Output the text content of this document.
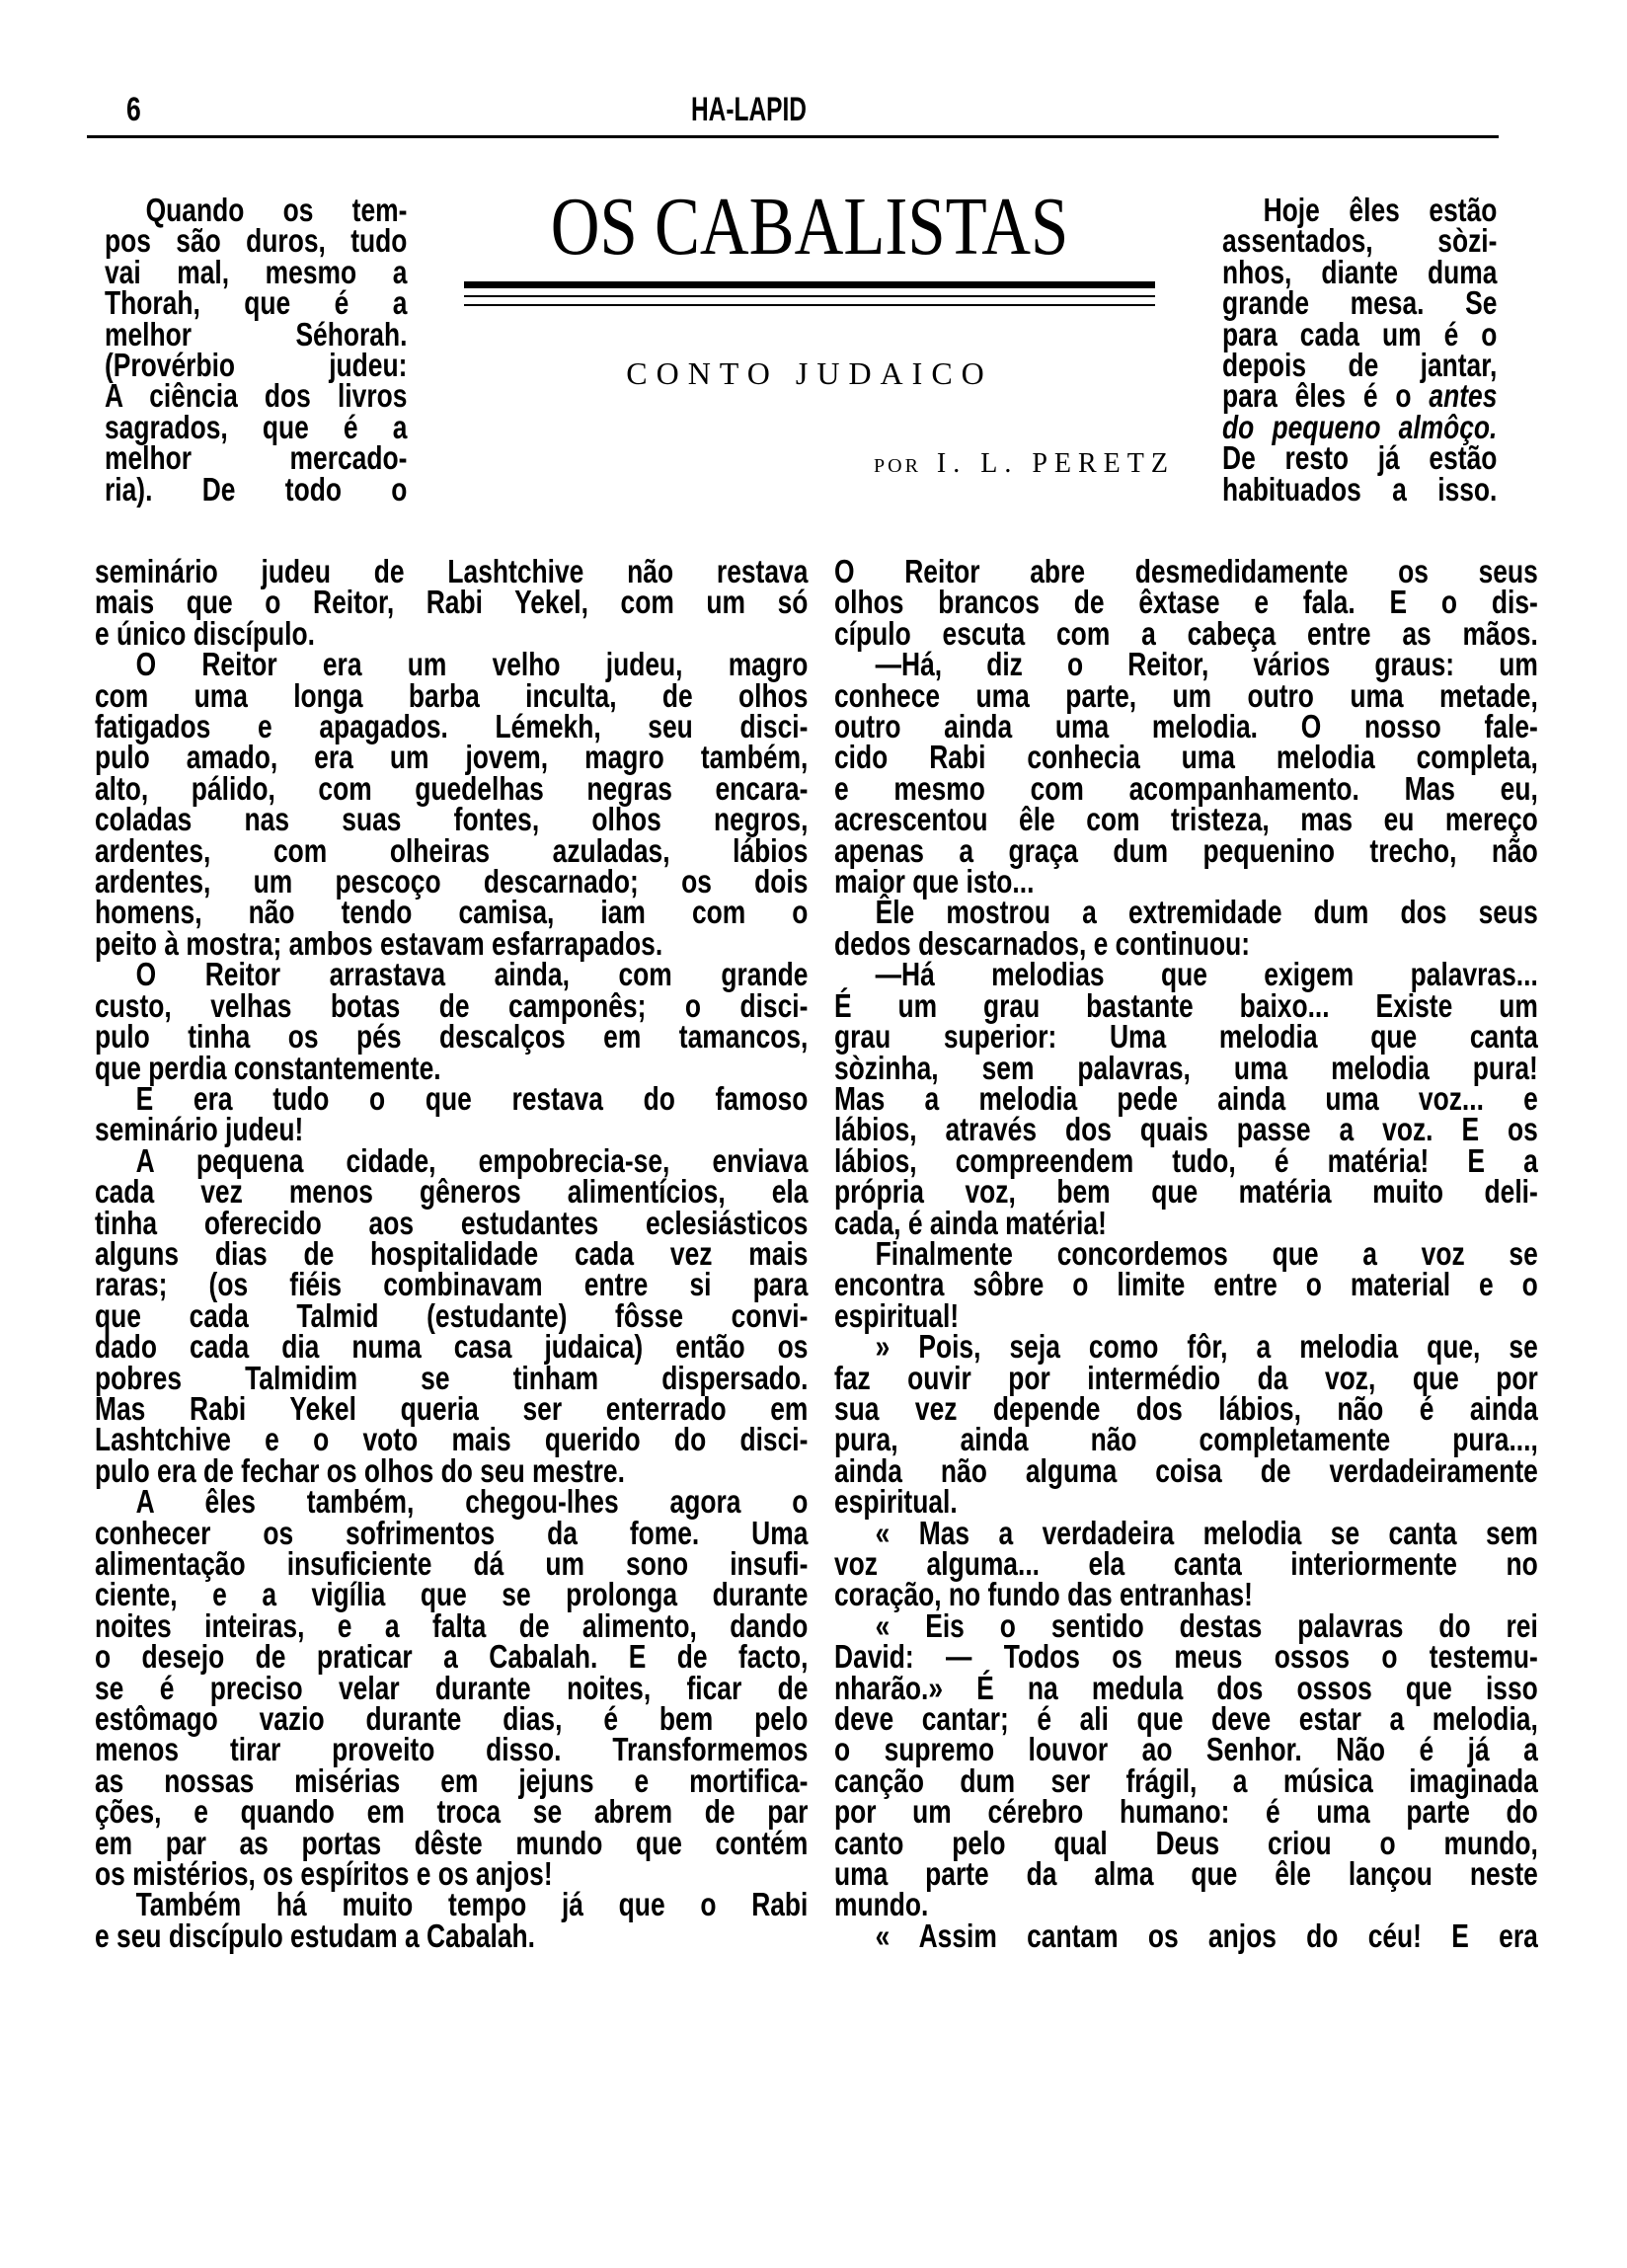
6	HA-LAPID
OS CABALISTAS
CONTO JUDAICO
POR I. L. PERETZ
Quando os tem-
pos são duros, tudo
vai mal, mesmo a
Thorah, que é a
melhor Séhorah.
(Provérbio judeu:
A ciência dos livros
sagrados, que é a
melhor mercado-
ria). De todo o
seminário judeu de Lashtchive não restava
mais que o Reitor, Rabi Yekel, com um só
e único discípulo.
O Reitor era um velho judeu, magro
com uma longa barba inculta, de olhos
fatigados e apagados. Lémekh, seu disci-
pulo amado, era um jovem, magro também,
alto, pálido, com guedelhas negras encara-
coladas nas suas fontes, olhos negros,
ardentes, com olheiras azuladas, lábios
ardentes, um pescoço descarnado; os dois
homens, não tendo camisa, iam com o
peito à mostra; ambos estavam esfarrapados.
O Reitor arrastava ainda, com grande
custo, velhas botas de camponês; o disci-
pulo tinha os pés descalços em tamancos,
que perdia constantemente.
E era tudo o que restava do famoso
seminário judeu!
A pequena cidade, empobrecia-se, enviava
cada vez menos gêneros alimentícios, ela
tinha oferecido aos estudantes eclesiásticos
alguns dias de hospitalidade cada vez mais
raras; (os fiéis combinavam entre si para
que cada Talmid (estudante) fôsse convi-
dado cada dia numa casa judaica) então os
pobres Talmidim se tinham dispersado.
Mas Rabi Yekel queria ser enterrado em
Lashtchive e o voto mais querido do disci-
pulo era de fechar os olhos do seu mestre.
A êles também, chegou-lhes agora o
conhecer os sofrimentos da fome. Uma
alimentação insuficiente dá um sono insufi-
ciente, e a vigília que se prolonga durante
noites inteiras, e a falta de alimento, dando
o desejo de praticar a Cabalah. E de facto,
se é preciso velar durante noites, ficar de
estômago vazio durante dias, é bem pelo
menos tirar proveito disso. Transformemos
as nossas misérias em jejuns e mortifica-
ções, e quando em troca se abrem de par
em par as portas dêste mundo que contém
os mistérios, os espíritos e os anjos!
Também há muito tempo já que o Rabi
e seu discípulo estudam a Cabalah.
Hoje êles estão
assentados, sòzi-
nhos, diante duma
grande mesa. Se
para cada um é o
depois de jantar,
para êles é o antes
do pequeno almôço.
De resto já estão
habituados a isso.
O Reitor abre desmedidamente os seus
olhos brancos de êxtase e fala. E o dis-
cípulo escuta com a cabeça entre as mãos.
—Há, diz o Reitor, vários graus: um
conhece uma parte, um outro uma metade,
outro ainda uma melodia. O nosso fale-
cido Rabi conhecia uma melodia completa,
e mesmo com acompanhamento. Mas eu,
acrescentou êle com tristeza, mas eu mereço
apenas a graça dum pequenino trecho, não
maior que isto...
Êle mostrou a extremidade dum dos seus
dedos descarnados, e continuou:
—Há melodias que exigem palavras...
É um grau bastante baixo... Existe um
grau superior: Uma melodia que canta
sòzinha, sem palavras, uma melodia pura!
Mas a melodia pede ainda uma voz... e
lábios, através dos quais passe a voz. E os
lábios, compreendem tudo, é matéria! E a
própria voz, bem que matéria muito deli-
cada, é ainda matéria!
Finalmente concordemos que a voz se
encontra sôbre o limite entre o material e o
espiritual!
» Pois, seja como fôr, a melodia que, se
faz ouvir por intermédio da voz, que por
sua vez depende dos lábios, não é ainda
pura, ainda não completamente pura...,
ainda não alguma coisa de verdadeiramente
espiritual.
« Mas a verdadeira melodia se canta sem
voz alguma... ela canta interiormente no
coração, no fundo das entranhas!
« Eis o sentido destas palavras do rei
David: — Todos os meus ossos o testemu-
nharão.» É na medula dos ossos que isso
deve cantar; é ali que deve estar a melodia,
o supremo louvor ao Senhor. Não é já a
canção dum ser frágil, a música imaginada
por um cérebro humano: é uma parte do
canto pelo qual Deus criou o mundo,
uma parte da alma que êle lançou neste
mundo.
« Assim cantam os anjos do céu! E era
